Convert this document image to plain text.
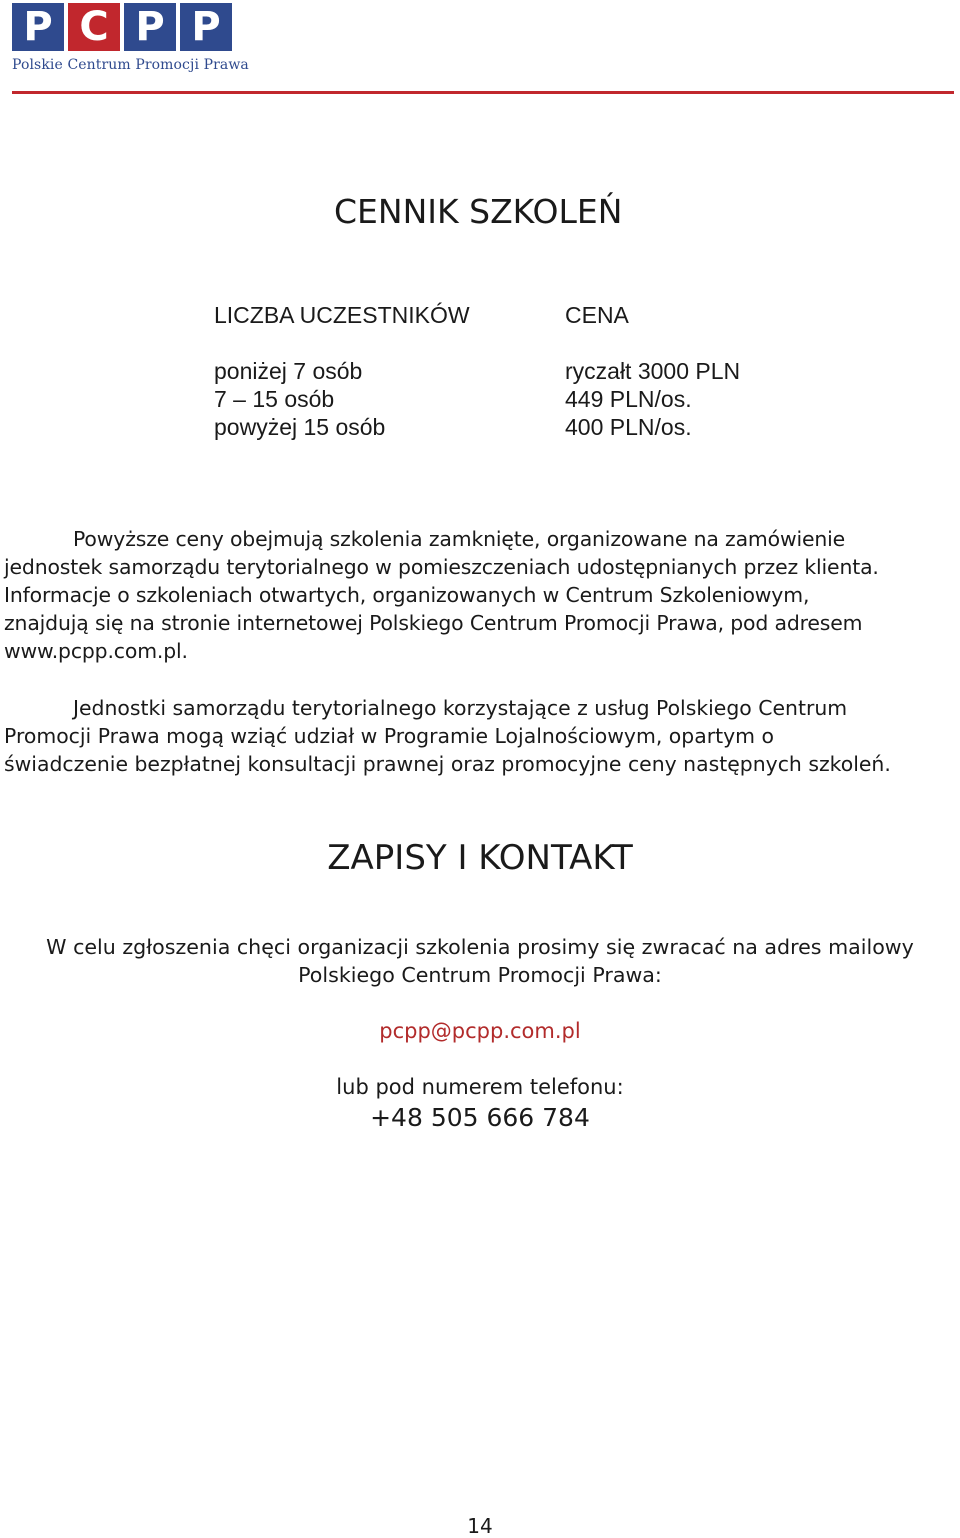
P C P P
Polskie Centrum Promocji Prawa
CENNIK SZKOLEŃ
LICZBA UCZESTNIKÓW	CENA
poniżej 7 osób	ryczałt 3000 PLN
7 – 15 osób	449 PLN/os.
powyżej 15 osób	400 PLN/os.
Powyższe ceny obejmują szkolenia zamknięte, organizowane na zamówienie
jednostek samorządu terytorialnego w pomieszczeniach udostępnianych przez klienta.
Informacje o szkoleniach otwartych, organizowanych w Centrum Szkoleniowym,
znajdują się na stronie internetowej Polskiego Centrum Promocji Prawa, pod adresem
www.pcpp.com.pl.
Jednostki samorządu terytorialnego korzystające z usług Polskiego Centrum
Promocji Prawa mogą wziąć udział w Programie Lojalnościowym, opartym o
świadczenie bezpłatnej konsultacji prawnej oraz promocyjne ceny następnych szkoleń.
ZAPISY I KONTAKT
W celu zgłoszenia chęci organizacji szkolenia prosimy się zwracać na adres mailowy
Polskiego Centrum Promocji Prawa:
pcpp@pcpp.com.pl
lub pod numerem telefonu:
+48 505 666 784
14
